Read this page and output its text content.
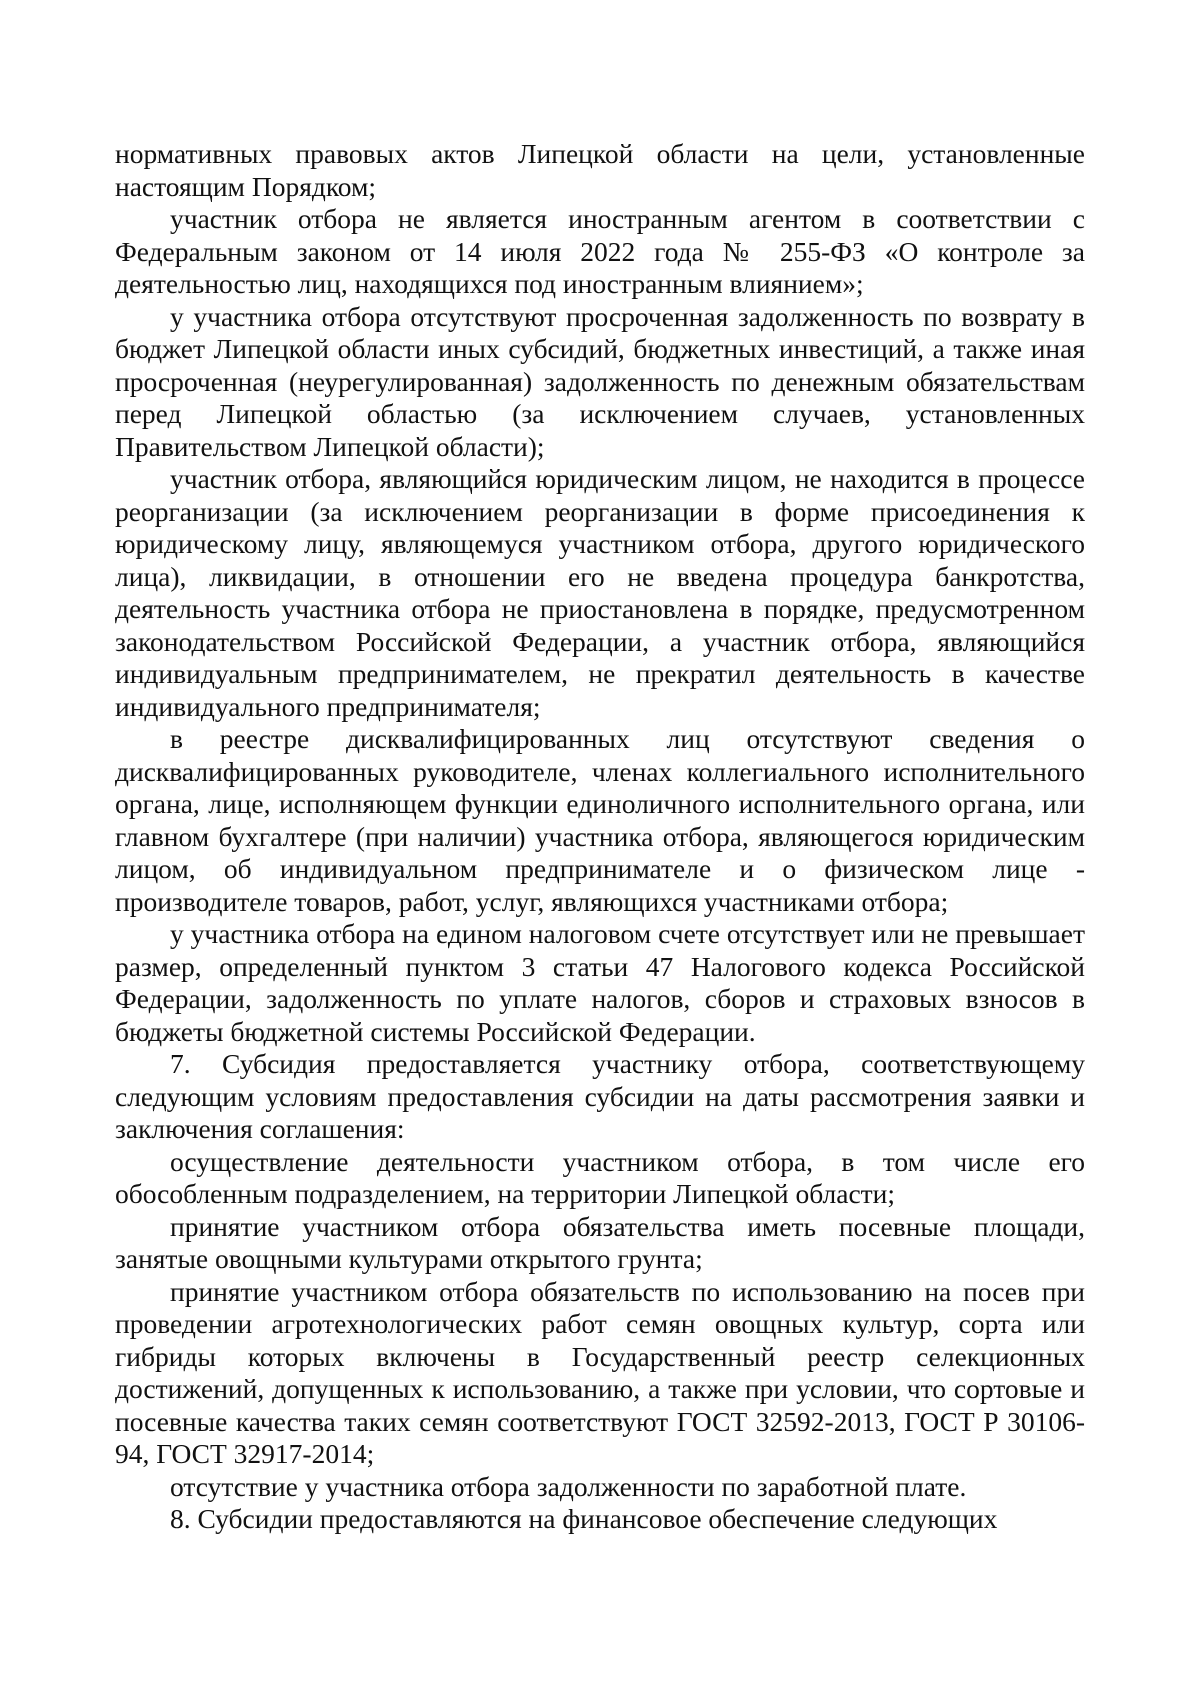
нормативных правовых актов Липецкой области на цели, установленные настоящим Порядком;

участник отбора не является иностранным агентом в соответствии с Федеральным законом от 14 июля 2022 года № 255-ФЗ «О контроле за деятельностью лиц, находящихся под иностранным влиянием»;

у участника отбора отсутствуют просроченная задолженность по возврату в бюджет Липецкой области иных субсидий, бюджетных инвестиций, а также иная просроченная (неурегулированная) задолженность по денежным обязательствам перед Липецкой областью (за исключением случаев, установленных Правительством Липецкой области);

участник отбора, являющийся юридическим лицом, не находится в процессе реорганизации (за исключением реорганизации в форме присоединения к юридическому лицу, являющемуся участником отбора, другого юридического лица), ликвидации, в отношении его не введена процедура банкротства, деятельность участника отбора не приостановлена в порядке, предусмотренном законодательством Российской Федерации, а участник отбора, являющийся индивидуальным предпринимателем, не прекратил деятельность в качестве индивидуального предпринимателя;

в реестре дисквалифицированных лиц отсутствуют сведения о дисквалифицированных руководителе, членах коллегиального исполнительного органа, лице, исполняющем функции единоличного исполнительного органа, или главном бухгалтере (при наличии) участника отбора, являющегося юридическим лицом, об индивидуальном предпринимателе и о физическом лице - производителе товаров, работ, услуг, являющихся участниками отбора;

у участника отбора на едином налоговом счете отсутствует или не превышает размер, определенный пунктом 3 статьи 47 Налогового кодекса Российской Федерации, задолженность по уплате налогов, сборов и страховых взносов в бюджеты бюджетной системы Российской Федерации.

7. Субсидия предоставляется участнику отбора, соответствующему следующим условиям предоставления субсидии на даты рассмотрения заявки и заключения соглашения:

осуществление деятельности участником отбора, в том числе его обособленным подразделением, на территории Липецкой области;

принятие участником отбора обязательства иметь посевные площади, занятые овощными культурами открытого грунта;

принятие участником отбора обязательств по использованию на посев при проведении агротехнологических работ семян овощных культур, сорта или гибриды которых включены в Государственный реестр селекционных достижений, допущенных к использованию, а также при условии, что сортовые и посевные качества таких семян соответствуют ГОСТ 32592-2013, ГОСТ Р 30106-94, ГОСТ 32917-2014;

отсутствие у участника отбора задолженности по заработной плате.

8. Субсидии предоставляются на финансовое обеспечение следующих
